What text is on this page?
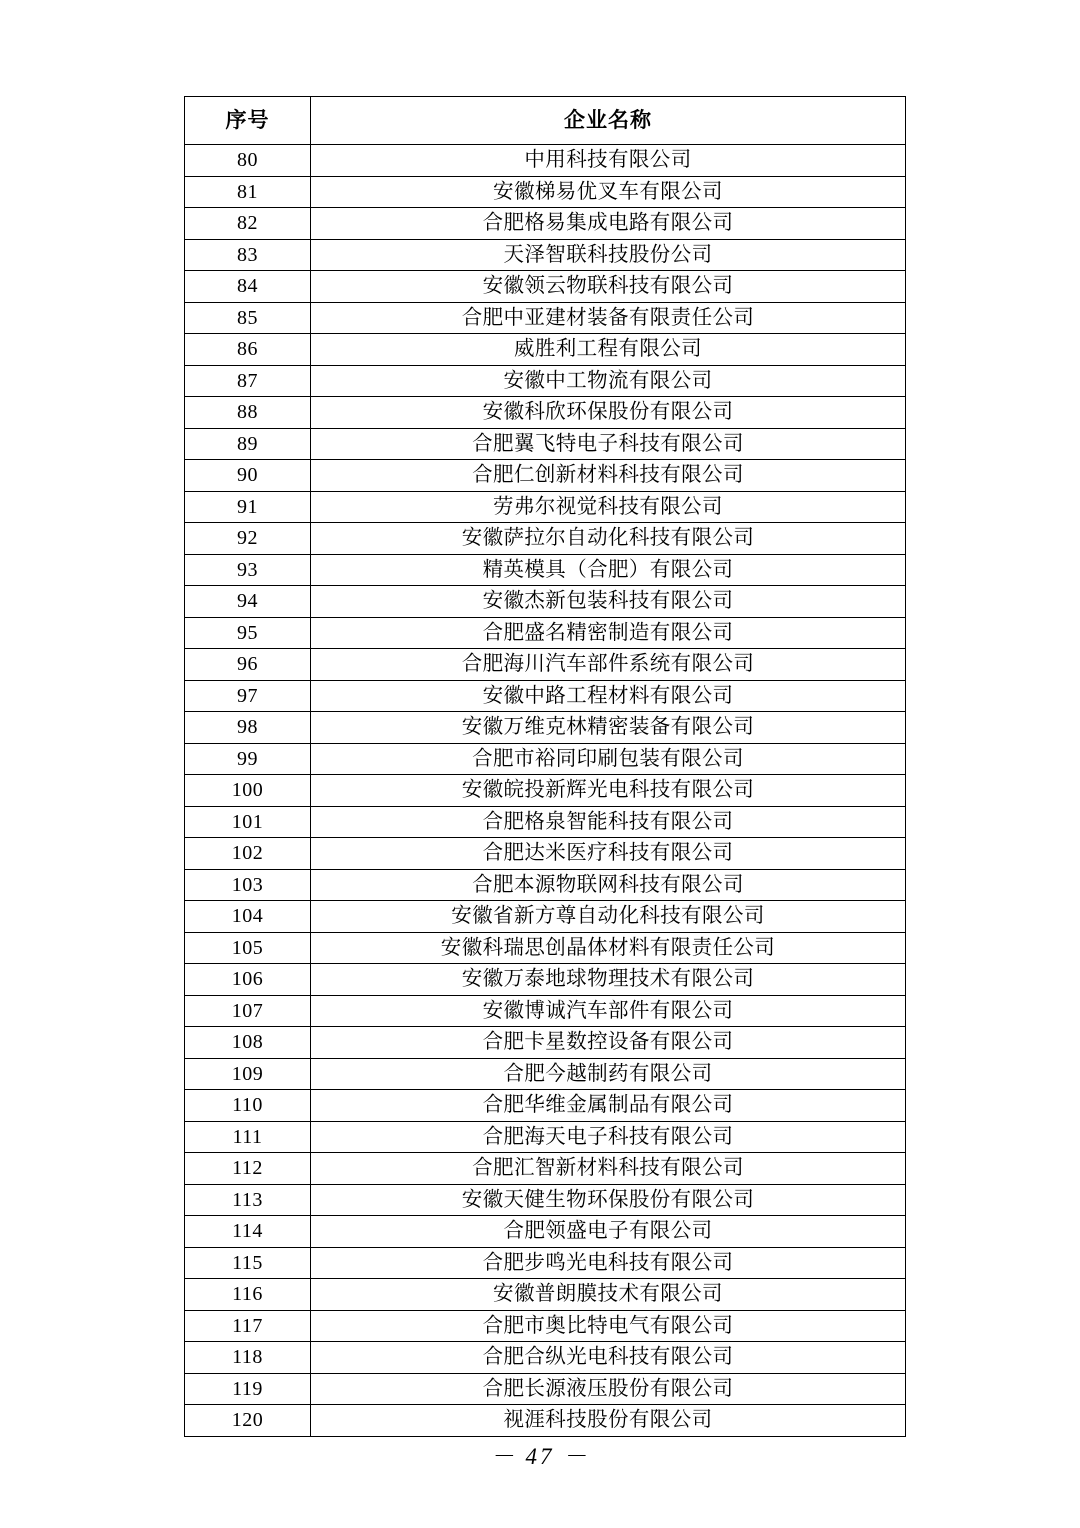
序号	企业名称
80	中用科技有限公司
81	安徽梯易优叉车有限公司
82	合肥格易集成电路有限公司
83	天泽智联科技股份公司
84	安徽领云物联科技有限公司
85	合肥中亚建材装备有限责任公司
86	威胜利工程有限公司
87	安徽中工物流有限公司
88	安徽科欣环保股份有限公司
89	合肥翼飞特电子科技有限公司
90	合肥仁创新材料科技有限公司
91	劳弗尔视觉科技有限公司
92	安徽萨拉尔自动化科技有限公司
93	精英模具（合肥）有限公司
94	安徽杰新包装科技有限公司
95	合肥盛名精密制造有限公司
96	合肥海川汽车部件系统有限公司
97	安徽中路工程材料有限公司
98	安徽万维克林精密装备有限公司
99	合肥市裕同印刷包装有限公司
100	安徽皖投新辉光电科技有限公司
101	合肥格泉智能科技有限公司
102	合肥达米医疗科技有限公司
103	合肥本源物联网科技有限公司
104	安徽省新方尊自动化科技有限公司
105	安徽科瑞思创晶体材料有限责任公司
106	安徽万泰地球物理技术有限公司
107	安徽博诚汽车部件有限公司
108	合肥卡星数控设备有限公司
109	合肥今越制药有限公司
110	合肥华维金属制品有限公司
111	合肥海天电子科技有限公司
112	合肥汇智新材料科技有限公司
113	安徽天健生物环保股份有限公司
114	合肥领盛电子有限公司
115	合肥步鸣光电科技有限公司
116	安徽普朗膜技术有限公司
117	合肥市奥比特电气有限公司
118	合肥合纵光电科技有限公司
119	合肥长源液压股份有限公司
120	视涯科技股份有限公司
－ 47 －
